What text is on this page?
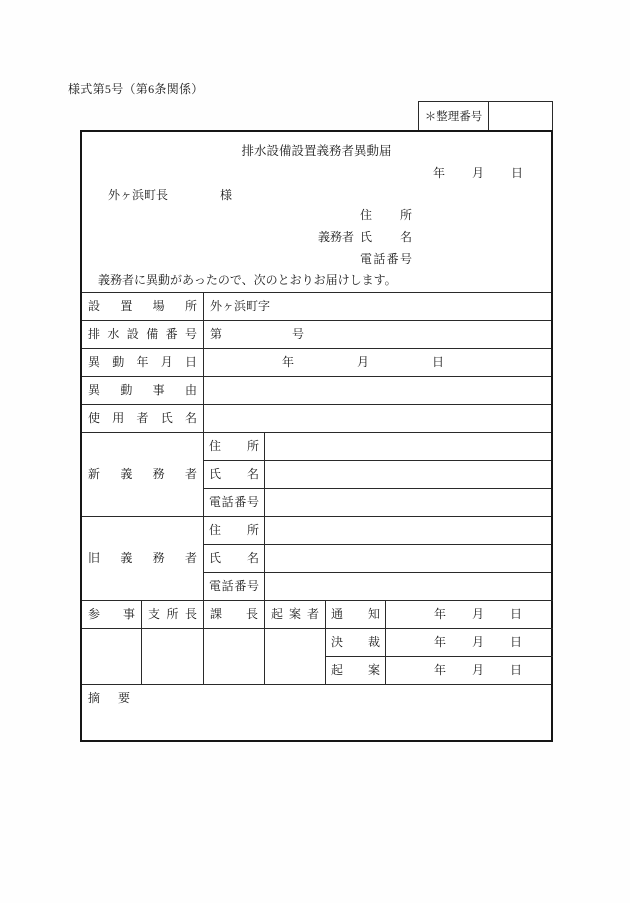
様式第5号（第6条関係）
＊整理番号
排水設備設置義務者異動届
年 月 日
外ヶ浜町長	様
住所
義務者 氏名
電話番号
義務者に異動があったので、次のとおりお届けします。
設置場所	外ヶ浜町字
排水設備番号	第	号
異動年月日	年	月	日
異動事由
使用者氏名
新義務者
住所
氏名
電話番号
旧義務者
住所
氏名
電話番号
参事	支所長	課長	起案者	通知	年 月 日
決裁	年 月 日
起案	年 月 日
摘要
